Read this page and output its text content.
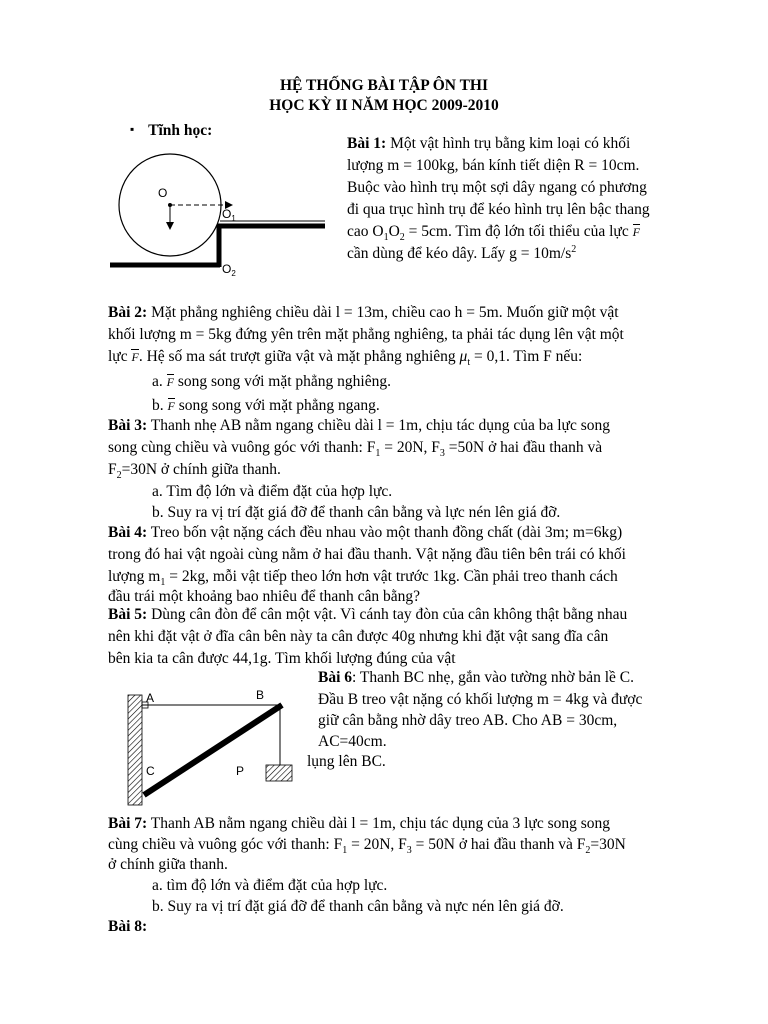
HỆ THỐNG BÀI TẬP ÔN THI
HỌC KỲ II NĂM HỌC 2009-2010
▪ Tĩnh học:
O
$O_1$
$O_2$
Bài 1: Một vật hình trụ bằng kim loại có khối
lượng m = 100kg, bán kính tiết diện R = 10cm.
Buộc vào hình trụ một sợi dây ngang có phương
đi qua trục hình trụ để kéo hình trụ lên bậc thang
cao $O_1O_2 = 5cm$. Tìm độ lớn tối thiểu của lực F
cần dùng để kéo dây. Lấy $g = 10m/s^2$
Bài 2: Mặt phẳng nghiêng chiều dài l = 13m, chiều cao h = 5m. Muốn giữ một vật
khối lượng m = 5kg đứng yên trên mặt phẳng nghiêng, ta phải tác dụng lên vật một
lực F. Hệ số ma sát trượt giữa vật và mặt phẳng nghiêng $\mu_t = 0,1$. Tìm F nếu:
a. F song song với mặt phẳng nghiêng.
b. F song song với mặt phẳng ngang.
Bài 3: Thanh nhẹ AB nằm ngang chiều dài l = 1m, chịu tác dụng của ba lực song
song cùng chiều và vuông góc với thanh: $F_1 = 20N$, $F_3 =50N$ ở hai đầu thanh và
$F_2=30N$ ở chính giữa thanh.
a. Tìm độ lớn và điểm đặt của hợp lực.
b. Suy ra vị trí đặt giá đỡ để thanh cân bằng và lực nén lên giá đỡ.
Bài 4: Treo bốn vật nặng cách đều nhau vào một thanh đồng chất (dài 3m; m=6kg)
trong đó hai vật ngoài cùng nằm ở hai đầu thanh. Vật nặng đầu tiên bên trái có khối
lượng $m_1 = 2kg$, mỗi vật tiếp theo lớn hơn vật trước 1kg. Cần phải treo thanh cách
đầu trái một khoảng bao nhiêu để thanh cân bằng?
Bài 5: Dùng cân đòn để cân một vật. Vì cánh tay đòn của cân không thật bằng nhau
nên khi đặt vật ở đĩa cân bên này ta cân được 40g nhưng khi đặt vật sang đĩa cân
bên kia ta cân được 44,1g. Tìm khối lượng đúng của vật
A	B
C	P
Bài 6: Thanh BC nhẹ, gắn vào tường nhờ bản lề C.
Đầu B treo vật nặng có khối lượng m = 4kg và được
giữ cân bằng nhờ dây treo AB. Cho AB = 30cm,
AC=40cm.
lụng lên BC.
Bài 7: Thanh AB nằm ngang chiều dài l = 1m, chịu tác dụng của 3 lực song song
cùng chiều và vuông góc với thanh: $F_1 = 20N$, $F_3 = 50N$ ở hai đầu thanh và $F_2=30N$
ở chính giữa thanh.
a. tìm độ lớn và điểm đặt của hợp lực.
b. Suy ra vị trí đặt giá đỡ để thanh cân bằng và nực nén lên giá đỡ.
Bài 8:
